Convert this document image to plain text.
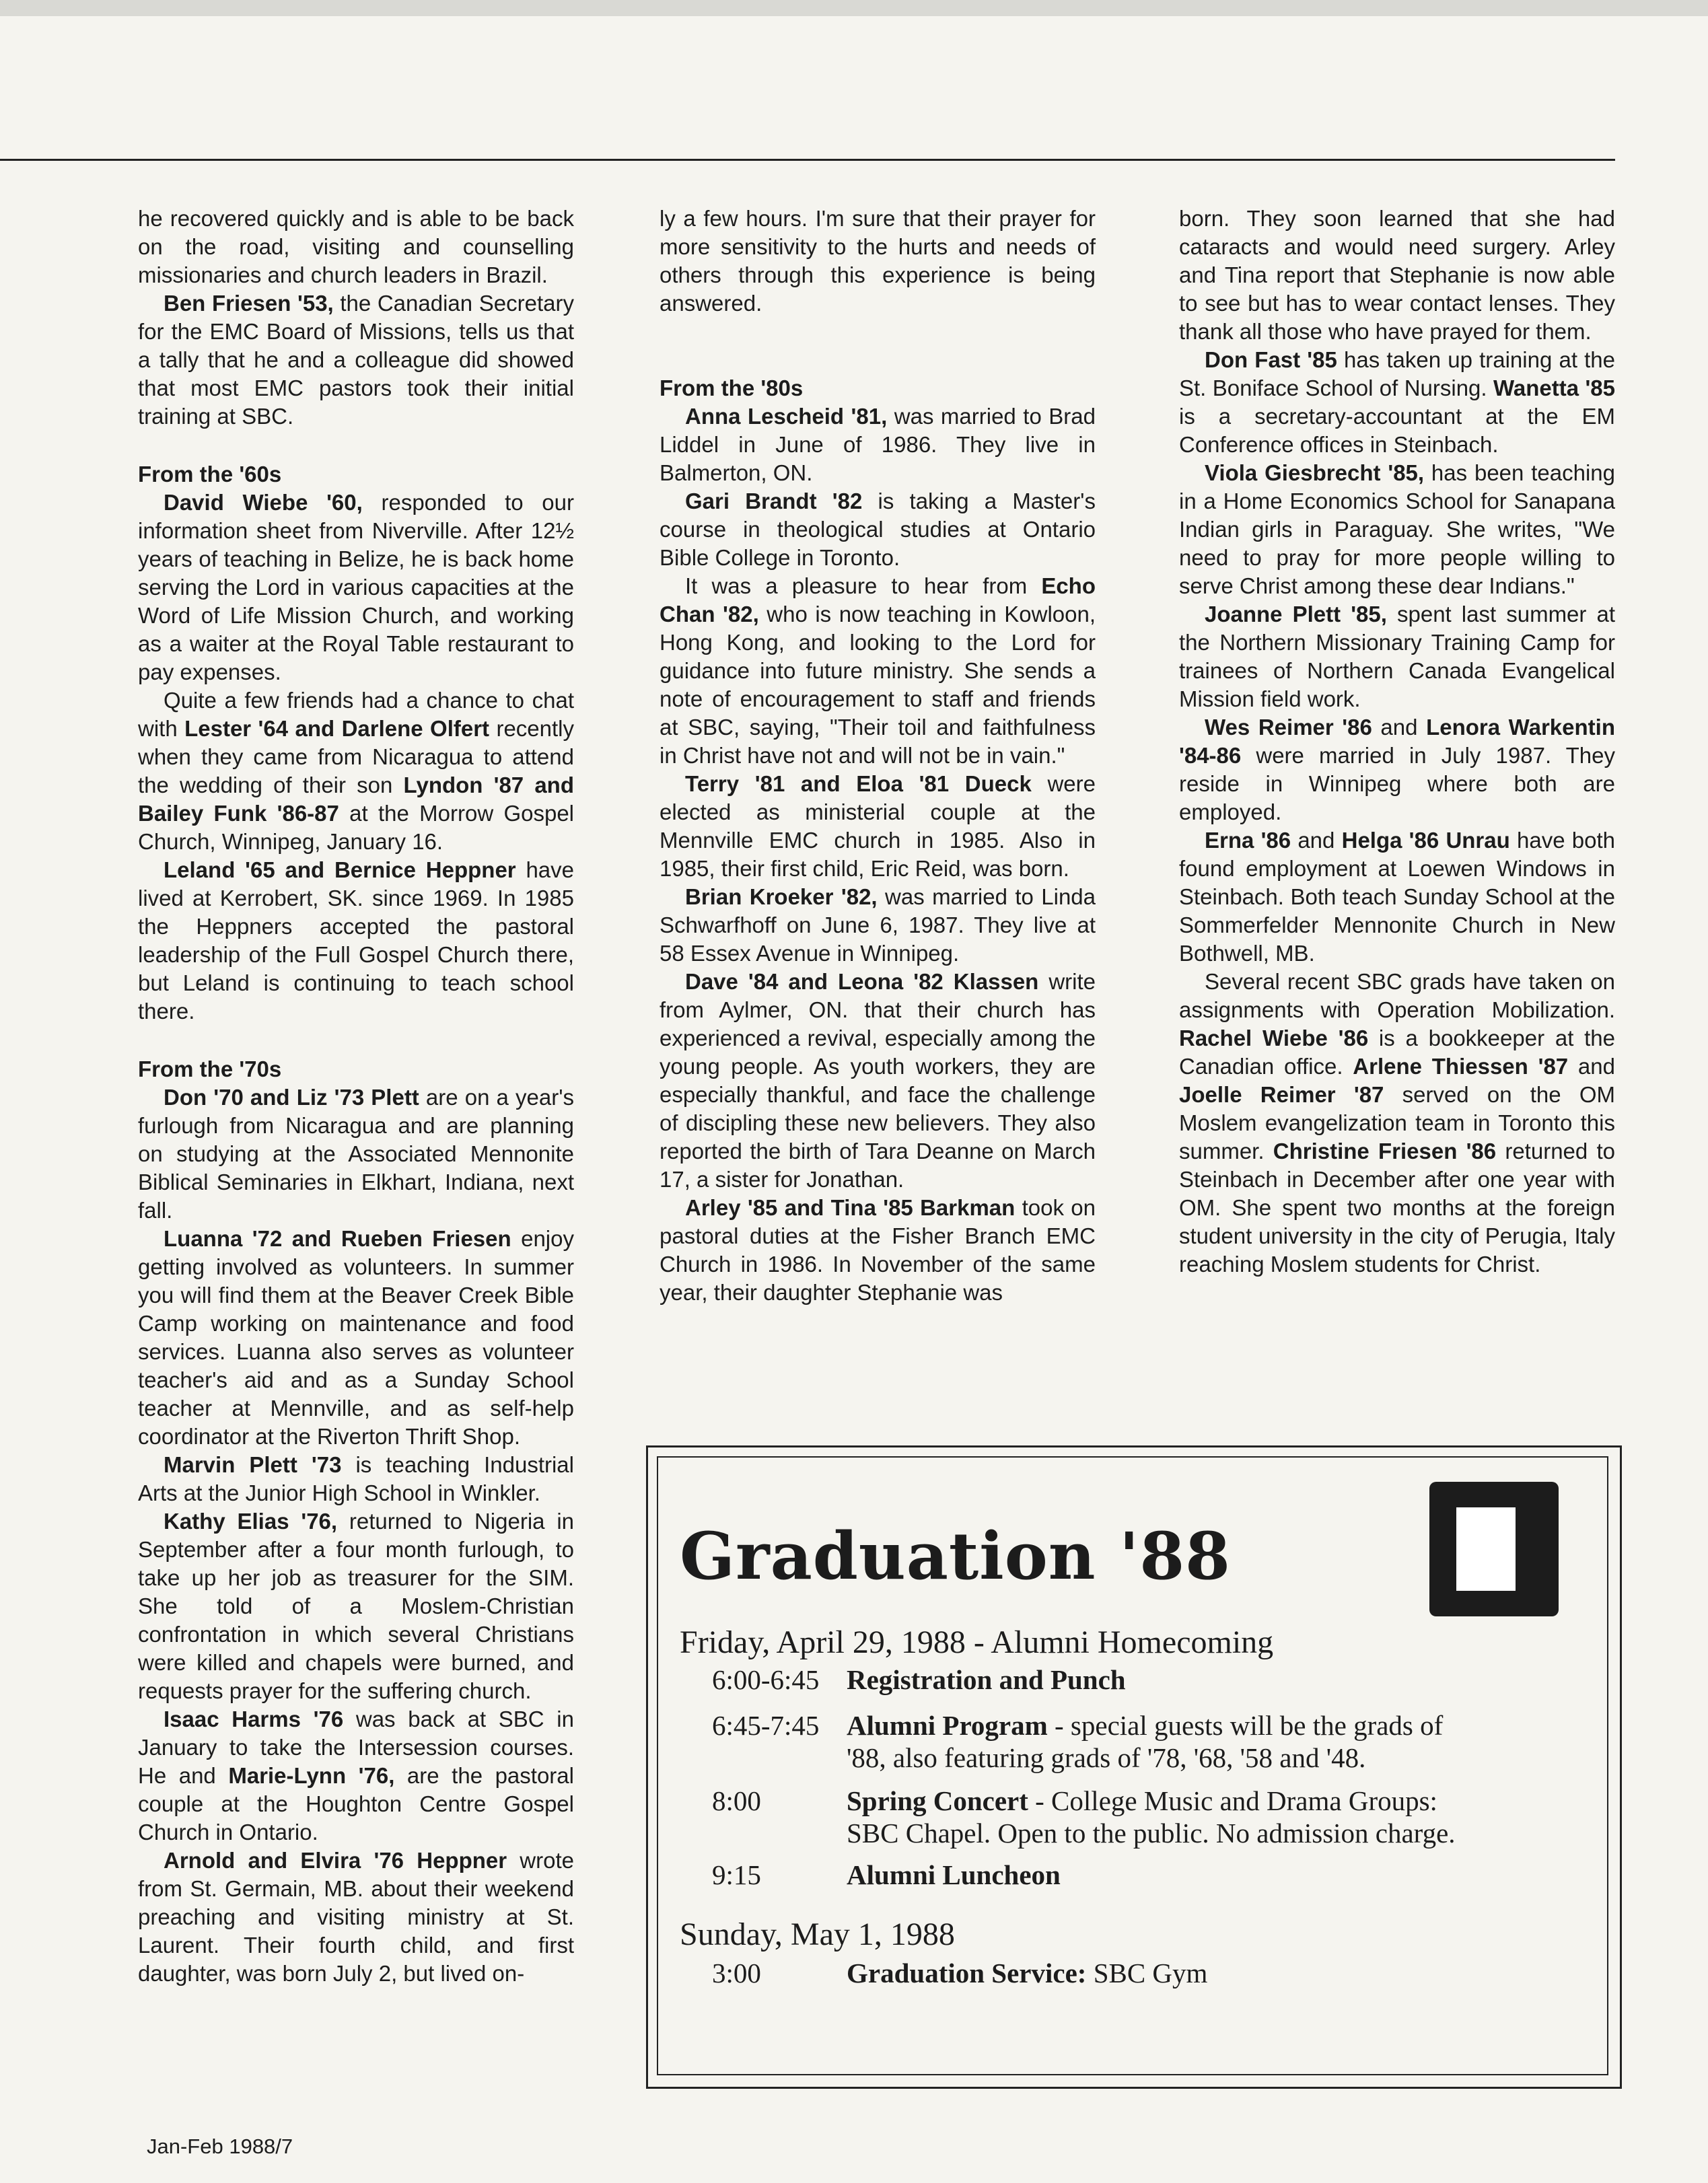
he recovered quickly and is able to be back on the road, visiting and counselling missionaries and church leaders in Brazil.

Ben Friesen '53, the Canadian Secretary for the EMC Board of Missions, tells us that a tally that he and a colleague did showed that most EMC pastors took their initial training at SBC.

From the '60s

David Wiebe '60, responded to our information sheet from Niverville. After 12½ years of teaching in Belize, he is back home serving the Lord in various capacities at the Word of Life Mission Church, and working as a waiter at the Royal Table restaurant to pay expenses.

Quite a few friends had a chance to chat with Lester '64 and Darlene Olfert recently when they came from Nicaragua to attend the wedding of their son Lyndon '87 and Bailey Funk '86-87 at the Morrow Gospel Church, Winnipeg, January 16.

Leland '65 and Bernice Heppner have lived at Kerrobert, SK. since 1969. In 1985 the Heppners accepted the pastoral leadership of the Full Gospel Church there, but Leland is continuing to teach school there.

From the '70s

Don '70 and Liz '73 Plett are on a year's furlough from Nicaragua and are planning on studying at the Associated Mennonite Biblical Seminaries in Elkhart, Indiana, next fall.

Luanna '72 and Rueben Friesen enjoy getting involved as volunteers. In summer you will find them at the Beaver Creek Bible Camp working on maintenance and food services. Luanna also serves as volunteer teacher's aid and as a Sunday School teacher at Mennville, and as self-help coordinator at the Riverton Thrift Shop.

Marvin Plett '73 is teaching Industrial Arts at the Junior High School in Winkler.

Kathy Elias '76, returned to Nigeria in September after a four month furlough, to take up her job as treasurer for the SIM. She told of a Moslem-Christian confrontation in which several Christians were killed and chapels were burned, and requests prayer for the suffering church.

Isaac Harms '76 was back at SBC in January to take the Intersession courses. He and Marie-Lynn '76, are the pastoral couple at the Houghton Centre Gospel Church in Ontario.

Arnold and Elvira '76 Heppner wrote from St. Germain, MB. about their weekend preaching and visiting ministry at St. Laurent. Their fourth child, and first daughter, was born July 2, but lived on-

ly a few hours. I'm sure that their prayer for more sensitivity to the hurts and needs of others through this experience is being answered.

From the '80s

Anna Lescheid '81, was married to Brad Liddel in June of 1986. They live in Balmerton, ON.

Gari Brandt '82 is taking a Master's course in theological studies at Ontario Bible College in Toronto.

It was a pleasure to hear from Echo Chan '82, who is now teaching in Kowloon, Hong Kong, and looking to the Lord for guidance into future ministry. She sends a note of encouragement to staff and friends at SBC, saying, "Their toil and faithfulness in Christ have not and will not be in vain."

Terry '81 and Eloa '81 Dueck were elected as ministerial couple at the Mennville EMC church in 1985. Also in 1985, their first child, Eric Reid, was born.

Brian Kroeker '82, was married to Linda Schwarfhoff on June 6, 1987. They live at 58 Essex Avenue in Winnipeg.

Dave '84 and Leona '82 Klassen write from Aylmer, ON. that their church has experienced a revival, especially among the young people. As youth workers, they are especially thankful, and face the challenge of discipling these new believers. They also reported the birth of Tara Deanne on March 17, a sister for Jonathan.

Arley '85 and Tina '85 Barkman took on pastoral duties at the Fisher Branch EMC Church in 1986. In November of the same year, their daughter Stephanie was

born. They soon learned that she had cataracts and would need surgery. Arley and Tina report that Stephanie is now able to see but has to wear contact lenses. They thank all those who have prayed for them.

Don Fast '85 has taken up training at the St. Boniface School of Nursing. Wanetta '85 is a secretary-accountant at the EM Conference offices in Steinbach.

Viola Giesbrecht '85, has been teaching in a Home Economics School for Sanapana Indian girls in Paraguay. She writes, "We need to pray for more people willing to serve Christ among these dear Indians."

Joanne Plett '85, spent last summer at the Northern Missionary Training Camp for trainees of Northern Canada Evangelical Mission field work.

Wes Reimer '86 and Lenora Warkentin '84-86 were married in July 1987. They reside in Winnipeg where both are employed.

Erna '86 and Helga '86 Unrau have both found employment at Loewen Windows in Steinbach. Both teach Sunday School at the Sommerfelder Mennonite Church in New Bothwell, MB.

Several recent SBC grads have taken on assignments with Operation Mobilization. Rachel Wiebe '86 is a bookkeeper at the Canadian office. Arlene Thiessen '87 and Joelle Reimer '87 served on the OM Moslem evangelization team in Toronto this summer. Christine Friesen '86 returned to Steinbach in December after one year with OM. She spent two months at the foreign student university in the city of Perugia, Italy reaching Moslem students for Christ.

Jan-Feb 1988/7
Graduation '88
Friday, April 29, 1988 - Alumni Homecoming
6:00-6:45 Registration and Punch
6:45-7:45 Alumni Program - special guests will be the grads of
'88, also featuring grads of '78, '68, '58 and '48.
8:00	Spring Concert - College Music and Drama Groups:
SBC Chapel. Open to the public. No admission charge.
9:15	Alumni Luncheon
Sunday, May 1, 1988
3:00	Graduation Service: SBC Gym
